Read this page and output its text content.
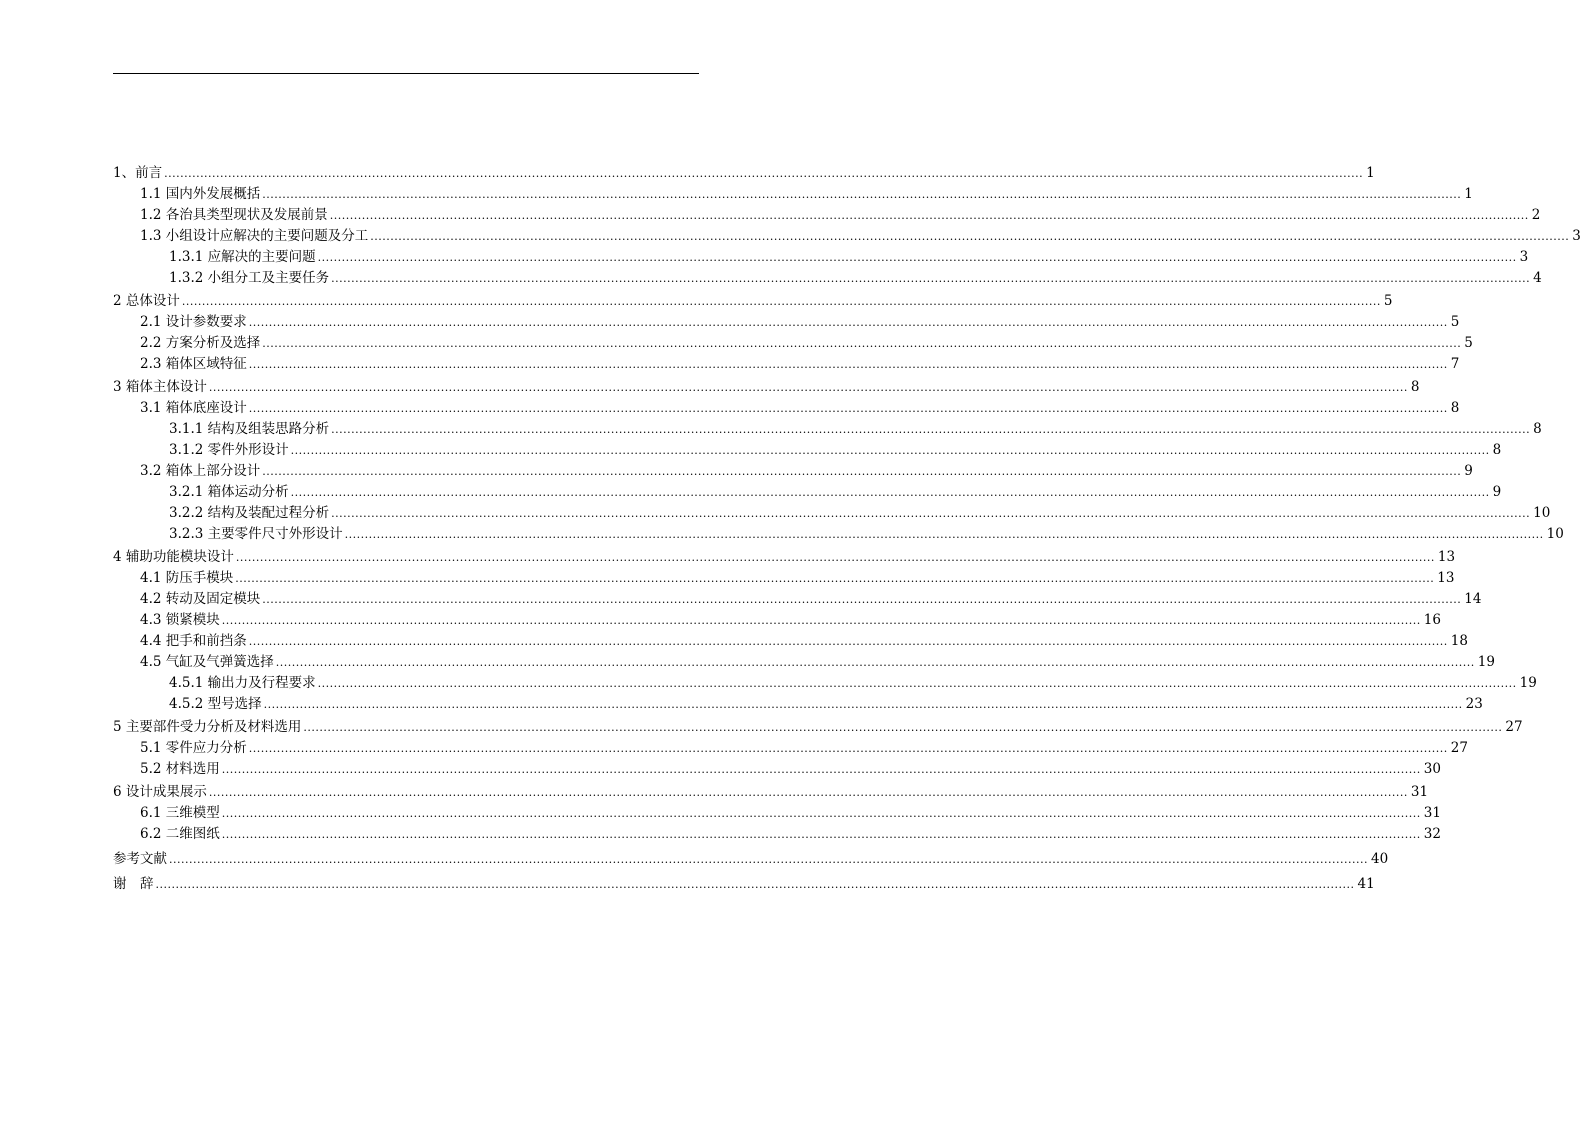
1、前言 ............................................................................................................................................................................................................................................................................................................ 1
1.1 国内外发展概括 ............................................................................................................................................................................................................................................................................................................ 1
1.2 各治具类型现状及发展前景 ............................................................................................................................................................................................................................................................................................................ 2
1.3 小组设计应解决的主要问题及分工 ............................................................................................................................................................................................................................................................................................................ 3
1.3.1 应解决的主要问题 ............................................................................................................................................................................................................................................................................................................ 3
1.3.2 小组分工及主要任务 ............................................................................................................................................................................................................................................................................................................ 4
2 总体设计 ............................................................................................................................................................................................................................................................................................................ 5
2.1 设计参数要求 ............................................................................................................................................................................................................................................................................................................ 5
2.2 方案分析及选择 ............................................................................................................................................................................................................................................................................................................ 5
2.3 箱体区域特征 ............................................................................................................................................................................................................................................................................................................ 7
3 箱体主体设计 ............................................................................................................................................................................................................................................................................................................ 8
3.1 箱体底座设计 ............................................................................................................................................................................................................................................................................................................ 8
3.1.1 结构及组装思路分析 ............................................................................................................................................................................................................................................................................................................ 8
3.1.2 零件外形设计 ............................................................................................................................................................................................................................................................................................................ 8
3.2 箱体上部分设计 ............................................................................................................................................................................................................................................................................................................ 9
3.2.1 箱体运动分析 ............................................................................................................................................................................................................................................................................................................ 9
3.2.2 结构及装配过程分析 ............................................................................................................................................................................................................................................................................................................ 10
3.2.3 主要零件尺寸外形设计 ............................................................................................................................................................................................................................................................................................................ 10
4 辅助功能模块设计 ............................................................................................................................................................................................................................................................................................................ 13
4.1 防压手模块 ............................................................................................................................................................................................................................................................................................................ 13
4.2 转动及固定模块 ............................................................................................................................................................................................................................................................................................................ 14
4.3 锁紧模块 ............................................................................................................................................................................................................................................................................................................ 16
4.4 把手和前挡条 ............................................................................................................................................................................................................................................................................................................ 18
4.5 气缸及气弹簧选择 ............................................................................................................................................................................................................................................................................................................ 19
4.5.1 输出力及行程要求 ............................................................................................................................................................................................................................................................................................................ 19
4.5.2 型号选择 ............................................................................................................................................................................................................................................................................................................ 23
5 主要部件受力分析及材料选用 ............................................................................................................................................................................................................................................................................................................ 27
5.1 零件应力分析 ............................................................................................................................................................................................................................................................................................................ 27
5.2 材料选用 ............................................................................................................................................................................................................................................................................................................ 30
6 设计成果展示 ............................................................................................................................................................................................................................................................................................................ 31
6.1 三维模型 ............................................................................................................................................................................................................................................................................................................ 31
6.2 二维图纸 ............................................................................................................................................................................................................................................................................................................ 32
参考文献 ............................................................................................................................................................................................................................................................................................................ 40
谢　辞 ............................................................................................................................................................................................................................................................................................................ 41
